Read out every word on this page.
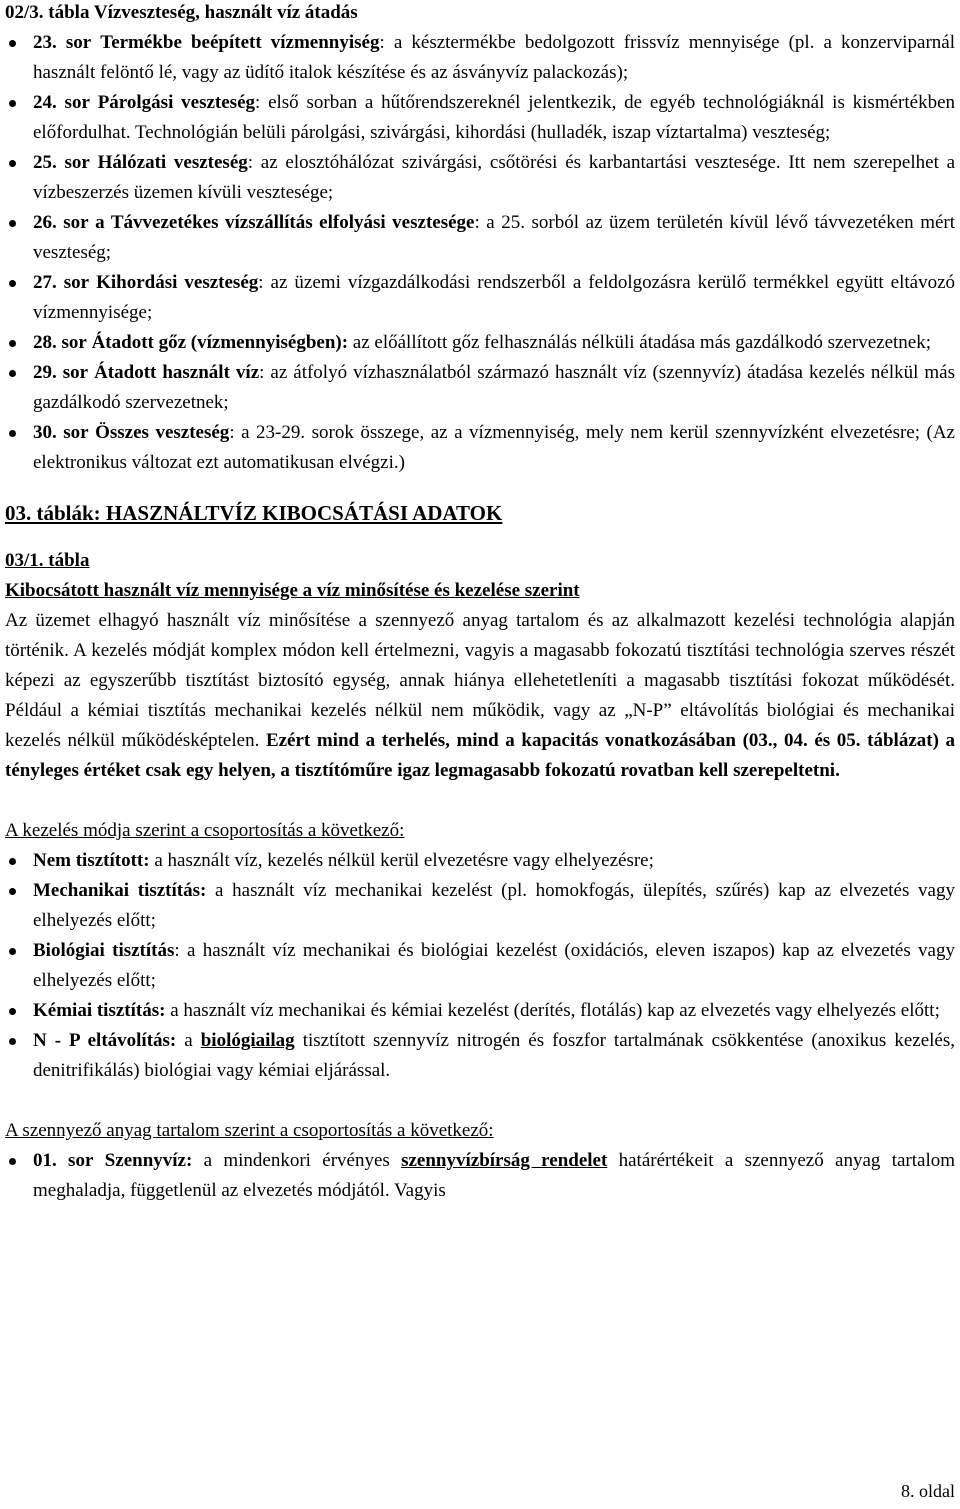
02/3. tábla Vízveszteség, használt víz átadás
23. sor Termékbe beépített vízmennyiség: a késztermékbe bedolgozott frissvíz mennyisége (pl. a konzerviparnál használt felöntő lé, vagy az üdítő italok készítése és az ásványvíz palackozás);
24. sor Párolgási veszteség: első sorban a hűtőrendszereknél jelentkezik, de egyéb technológiáknál is kismértékben előfordulhat. Technológián belüli párolgási, szivárgási, kihordási (hulladék, iszap víztartalma) veszteség;
25. sor Hálózati veszteség: az elosztóhálózat szivárgási, csőtörési és karbantartási vesztesége. Itt nem szerepelhet a vízbeszerzés üzemen kívüli vesztesége;
26. sor a Távvezetékes vízszállítás elfolyási vesztesége: a 25. sorból az üzem területén kívül lévő távvezetéken mért veszteség;
27. sor Kihordási veszteség: az üzemi vízgazdálkodási rendszerből a feldolgozásra kerülő termékkel együtt eltávozó vízmennyisége;
28. sor Átadott gőz (vízmennyiségben): az előállított gőz felhasználás nélküli átadása más gazdálkodó szervezetnek;
29. sor Átadott használt víz: az átfolyó vízhasználatból származó használt víz (szennyvíz) átadása kezelés nélkül más gazdálkodó szervezetnek;
30. sor Összes veszteség: a 23-29. sorok összege, az a vízmennyiség, mely nem kerül szennyvízként elvezetésre; (Az elektronikus változat ezt automatikusan elvégzi.)
03. táblák: HASZNÁLTVÍZ KIBOCSÁTÁSI ADATOK
03/1. tábla
Kibocsátott használt víz mennyisége a víz minősítése és kezelése szerint
Az üzemet elhagyó használt víz minősítése a szennyező anyag tartalom és az alkalmazott kezelési technológia alapján történik. A kezelés módját komplex módon kell értelmezni, vagyis a magasabb fokozatú tisztítási technológia szerves részét képezi az egyszerűbb tisztítást biztosító egység, annak hiánya ellehetetleníti a magasabb tisztítási fokozat működését. Például a kémiai tisztítás mechanikai kezelés nélkül nem működik, vagy az „N-P” eltávolítás biológiai és mechanikai kezelés nélkül működésképtelen. Ezért mind a terhelés, mind a kapacitás vonatkozásában (03., 04. és 05. táblázat) a tényleges értéket csak egy helyen, a tisztítóműre igaz legmagasabb fokozatú rovatban kell szerepeltetni.
A kezelés módja szerint a csoportosítás a következő:
Nem tisztított: a használt víz, kezelés nélkül kerül elvezetésre vagy elhelyezésre;
Mechanikai tisztítás: a használt víz mechanikai kezelést (pl. homokfogás, ülepítés, szűrés) kap az elvezetés vagy elhelyezés előtt;
Biológiai tisztítás: a használt víz mechanikai és biológiai kezelést (oxidációs, eleven iszapos) kap az elvezetés vagy elhelyezés előtt;
Kémiai tisztítás: a használt víz mechanikai és kémiai kezelést (derítés, flotálás) kap az elvezetés vagy elhelyezés előtt;
N - P eltávolítás: a biológiailag tisztított szennyvíz nitrogén és foszfor tartalmának csökkentése (anoxikus kezelés, denitrifikálás) biológiai vagy kémiai eljárással.
A szennyező anyag tartalom szerint a csoportosítás a következő:
01. sor Szennyvíz: a mindenkori érvényes szennyvízbírság rendelet határértékeit a szennyező anyag tartalom meghaladja, függetlenül az elvezetés módjától. Vagyis
8. oldal
